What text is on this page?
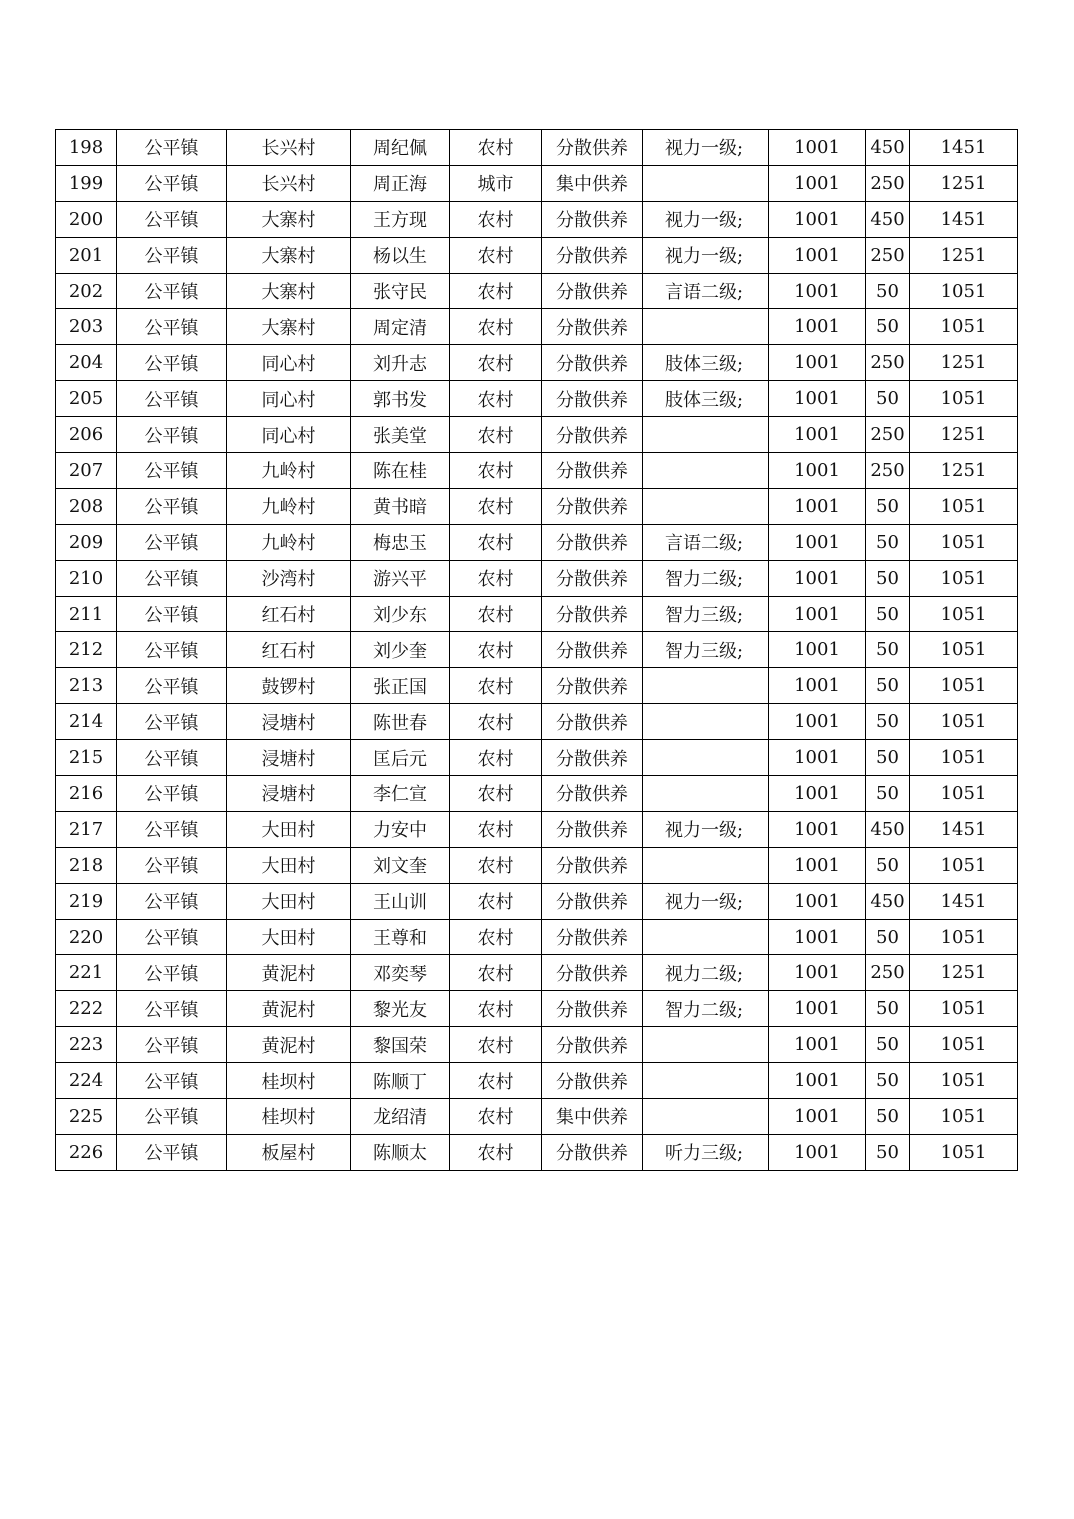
198	公平镇	长兴村	周纪佩	农村	分散供养	视力一级;	1001	450	1451
199	公平镇	长兴村	周正海	城市	集中供养		1001	250	1251
200	公平镇	大寨村	王方现	农村	分散供养	视力一级;	1001	450	1451
201	公平镇	大寨村	杨以生	农村	分散供养	视力一级;	1001	250	1251
202	公平镇	大寨村	张守民	农村	分散供养	言语二级;	1001	50	1051
203	公平镇	大寨村	周定清	农村	分散供养		1001	50	1051
204	公平镇	同心村	刘升志	农村	分散供养	肢体三级;	1001	250	1251
205	公平镇	同心村	郭书发	农村	分散供养	肢体三级;	1001	50	1051
206	公平镇	同心村	张美堂	农村	分散供养		1001	250	1251
207	公平镇	九岭村	陈在桂	农村	分散供养		1001	250	1251
208	公平镇	九岭村	黄书暗	农村	分散供养		1001	50	1051
209	公平镇	九岭村	梅忠玉	农村	分散供养	言语二级;	1001	50	1051
210	公平镇	沙湾村	游兴平	农村	分散供养	智力二级;	1001	50	1051
211	公平镇	红石村	刘少东	农村	分散供养	智力三级;	1001	50	1051
212	公平镇	红石村	刘少奎	农村	分散供养	智力三级;	1001	50	1051
213	公平镇	鼓锣村	张正国	农村	分散供养		1001	50	1051
214	公平镇	浸塘村	陈世春	农村	分散供养		1001	50	1051
215	公平镇	浸塘村	匡后元	农村	分散供养		1001	50	1051
216	公平镇	浸塘村	李仁宣	农村	分散供养		1001	50	1051
217	公平镇	大田村	力安中	农村	分散供养	视力一级;	1001	450	1451
218	公平镇	大田村	刘文奎	农村	分散供养		1001	50	1051
219	公平镇	大田村	王山训	农村	分散供养	视力一级;	1001	450	1451
220	公平镇	大田村	王尊和	农村	分散供养		1001	50	1051
221	公平镇	黄泥村	邓奕琴	农村	分散供养	视力二级;	1001	250	1251
222	公平镇	黄泥村	黎光友	农村	分散供养	智力二级;	1001	50	1051
223	公平镇	黄泥村	黎国荣	农村	分散供养		1001	50	1051
224	公平镇	桂坝村	陈顺丁	农村	分散供养		1001	50	1051
225	公平镇	桂坝村	龙绍清	农村	集中供养		1001	50	1051
226	公平镇	板屋村	陈顺太	农村	分散供养	听力三级;	1001	50	1051
